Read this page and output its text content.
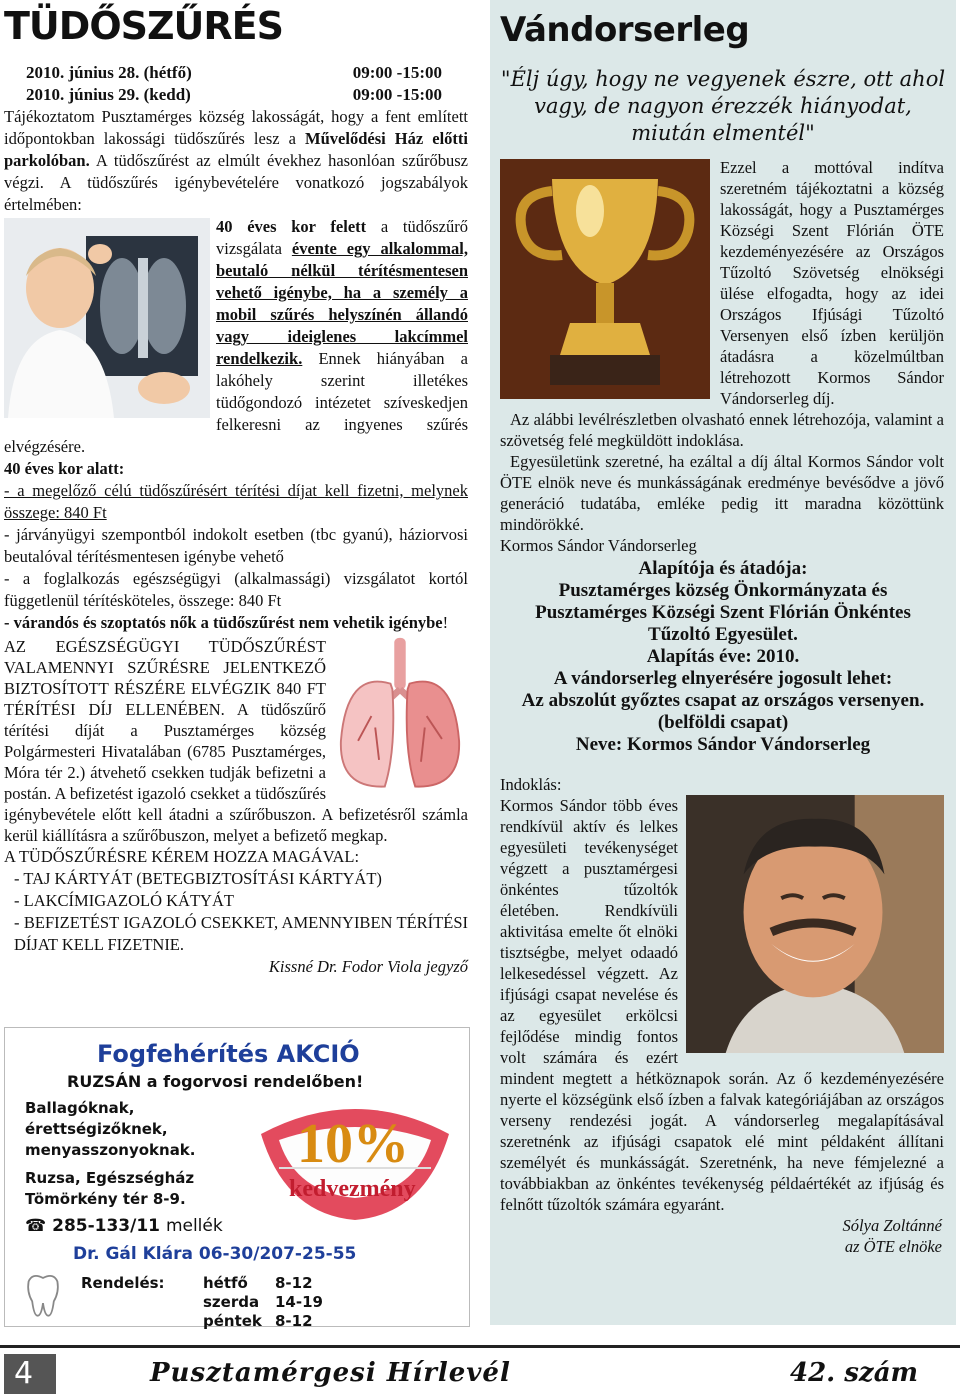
TÜDŐSZŰRÉS
2010. június 28. (hétfő)	09:00 -15:00
2010. június 29. (kedd)	09:00 -15:00

Tájékoztatom Pusztamérges község lakosságát, hogy a fent említett időpontokban lakossági tüdőszűrés lesz a Művelődési Ház előtti parkolóban. A tüdőszűrést az elmúlt évekhez hasonlóan szűrőbusz végzi. A tüdőszűrés igénybevételére vonatkozó jogszabályok értelmében:

40 éves kor felett a tüdőszűrő vizsgálata évente egy alkalommal, beutaló nélkül térítésmentesen vehető igénybe, ha a személy a mobil szűrés helyszínén állandó vagy ideiglenes lakcímmel rendelkezik. Ennek hiányában a lakóhely szerint illetékes tüdőgondozó intézetet szíveskedjen felkeresni az ingyenes szűrés elvégzésére.

40 éves kor alatt:

- a megelőző célú tüdőszűrésért térítési díjat kell fizetni, melynek összege: 840 Ft

- járványügyi szempontból indokolt esetben (tbc gyanú), háziorvosi beutalóval térítésmentesen igénybe vehető

- a foglalkozás egészségügyi (alkalmassági) vizsgálatot kortól függetlenül térítésköteles, összege: 840 Ft

- várandós és szoptatós nők a tüdőszűrést nem vehetik igénybe!

AZ EGÉSZSÉGÜGYI TÜDŐSZŰRÉST VALAMENNYI SZŰRÉSRE JELENTKEZŐ BIZTOSÍTOTT RÉSZÉRE ELVÉGZIK 840 FT TÉRÍTÉSI DÍJ ELLENÉBEN. A tüdőszűrő térítési díját a Pusztamérges község Polgármesteri Hivatalában (6785 Pusztamérges, Móra tér 2.) átvehető csekken tudják befizetni a postán. A befizetést igazoló csekket a tüdőszűrés igénybevétele előtt kell átadni a szűrőbuszon. A befizetésről számla kerül kiállításra a szűrőbuszon, melyet a befizető megkap.

A TÜDŐSZŰRÉSRE KÉREM HOZZA MAGÁVAL:

- TAJ KÁRTYÁT (BETEGBIZTOSÍTÁSI KÁRTYÁT)

- LAKCÍMIGAZOLÓ KÁTYÁT

- BEFIZETÉST IGAZOLÓ CSEKKET, AMENNYIBEN TÉRÍTÉSI DÍJAT KELL FIZETNIE.

Kissné Dr. Fodor Viola jegyző

Fogfehérítés AKCIÓ
RUZSÁN a fogorvosi rendelőben!
Ballagóknak,
érettségizőknek,
menyasszonyoknak. 10%
kedvezmény
Ruzsa, Egészségház
Tömörkény tér 8-9.
☎ 285-133/11 mellék
Dr. Gál Klára 06-30/207-25-55
Rendelés:	hétfő 8-12
szerda 14-19
péntek 8-12
Vándorserleg
"Élj úgy, hogy ne vegyenek észre, ott ahol vagy, de nagyon érezzék hiányodat, miután elmentél"

Ezzel a mottóval indítva szeretném tájékoztatni a község lakosságát, hogy a Pusztamérges Községi Szent Flórián ÖTE kezdeményezésére az Országos Tűzoltó Szövetség elnökségi ülése elfogadta, hogy az idei Országos Ifjúsági Tűzoltó Versenyen első ízben kerüljön átadásra a közelmúltban létrehozott Kormos Sándor Vándorserleg díj.

Az alábbi levélrészletben olvasható ennek létrehozója, valamint a szövetség felé megküldött indoklása.

Egyesületünk szeretné, ha ezáltal a díj által Kormos Sándor volt ÖTE elnök neve és munkásságának eredménye bevésődve a jövő generáció tudatába, emléke pedig itt maradna közöttünk mindörökké.

Kormos Sándor Vándorserleg

Alapítója és átadója:
Pusztamérges község Önkormányzata és Pusztamérges Községi Szent Flórián Önkéntes Tűzoltó Egyesület.
Alapítás éve: 2010.
A vándorserleg elnyerésére jogosult lehet:
Az abszolút győztes csapat az országos versenyen. (belföldi csapat)
Neve: Kormos Sándor Vándorserleg

Indoklás:

Kormos Sándor több éves rendkívül aktív és lelkes egyesületi tevékenységet végzett a pusztamérgesi önkéntes tűzoltók életében. Rendkívüli aktivitása emelte őt elnöki tisztségbe, melyet odaadó lelkesedéssel végzett. Az ifjúsági csapat nevelése és az egyesület erkölcsi fejlődése mindig fontos volt számára és ezért mindent megtett a hétköznapok során. Az ő kezdeményezésére nyerte el községünk első ízben a falvak kategóriájában az országos verseny rendezési jogát. A vándorserleg megalapításával szeretnénk az ifjúsági csapatok elé mint példaként állítani személyét és munkásságát. Szeretnénk, ha neve fémjelezné a továbbiakban az önkéntes tevékenység példaértékét az ifjúság és felnőtt tűzoltók számára egyaránt.

Sólya Zoltánné
az ÖTE elnöke
4	Pusztamérgesi Hírlevél	42. szám
